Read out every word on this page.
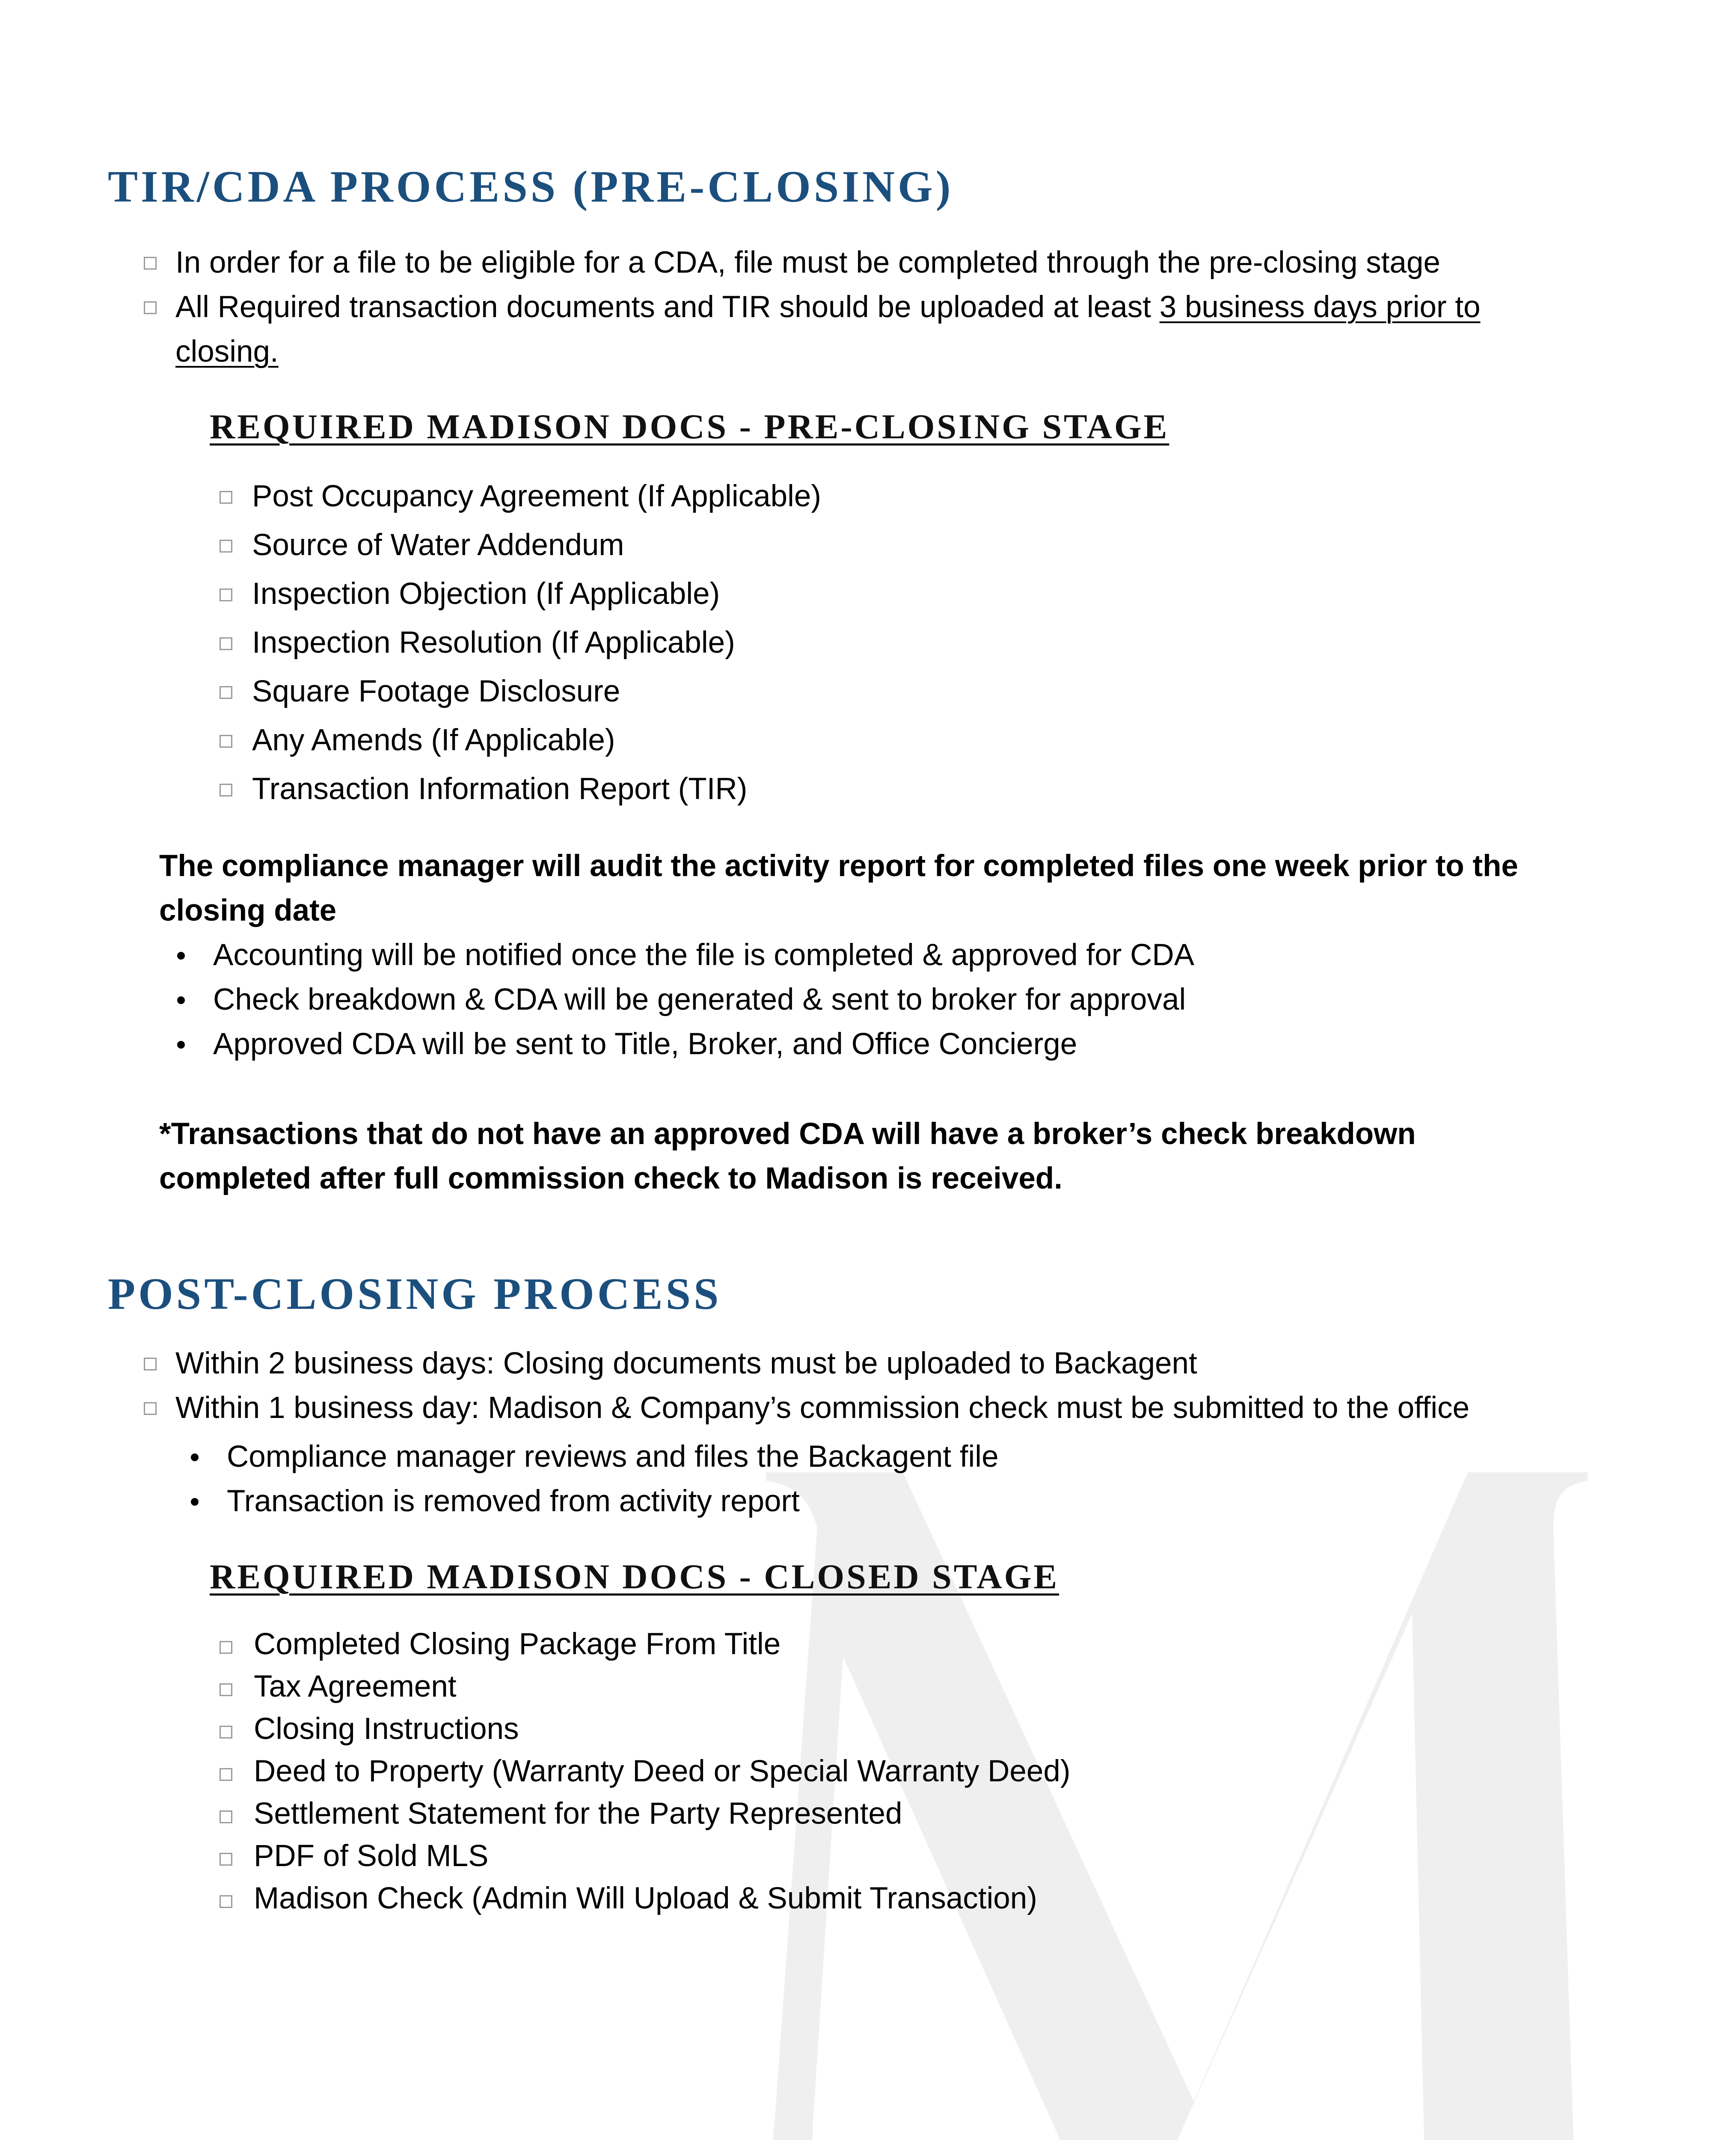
TIR/CDA PROCESS (PRE-CLOSING)
In order for a file to be eligible for a CDA, file must be completed through the pre-closing stage
All Required transaction documents and TIR should be uploaded at least 3 business days prior to closing.
REQUIRED MADISON DOCS - PRE-CLOSING STAGE
Post Occupancy Agreement (If Applicable)
Source of Water Addendum
Inspection Objection (If Applicable)
Inspection Resolution (If Applicable)
Square Footage Disclosure
Any Amends (If Applicable)
Transaction Information Report (TIR)

The compliance manager will audit the activity report for completed files one week prior to the closing date

Accounting will be notified once the file is completed & approved for CDA
Check breakdown & CDA will be generated & sent to broker for approval
Approved CDA will be sent to Title, Broker, and Office Concierge

*Transactions that do not have an approved CDA will have a broker’s check breakdown completed after full commission check to Madison is received.

POST-CLOSING PROCESS
Within 2 business days: Closing documents must be uploaded to Backagent
Within 1 business day: Madison & Company’s commission check must be submitted to the office
Compliance manager reviews and files the Backagent file
Transaction is removed from activity report
REQUIRED MADISON DOCS - CLOSED STAGE
Completed Closing Package From Title
Tax Agreement
Closing Instructions
Deed to Property (Warranty Deed or Special Warranty Deed)
Settlement Statement for the Party Represented
PDF of Sold MLS
Madison Check (Admin Will Upload & Submit Transaction)
